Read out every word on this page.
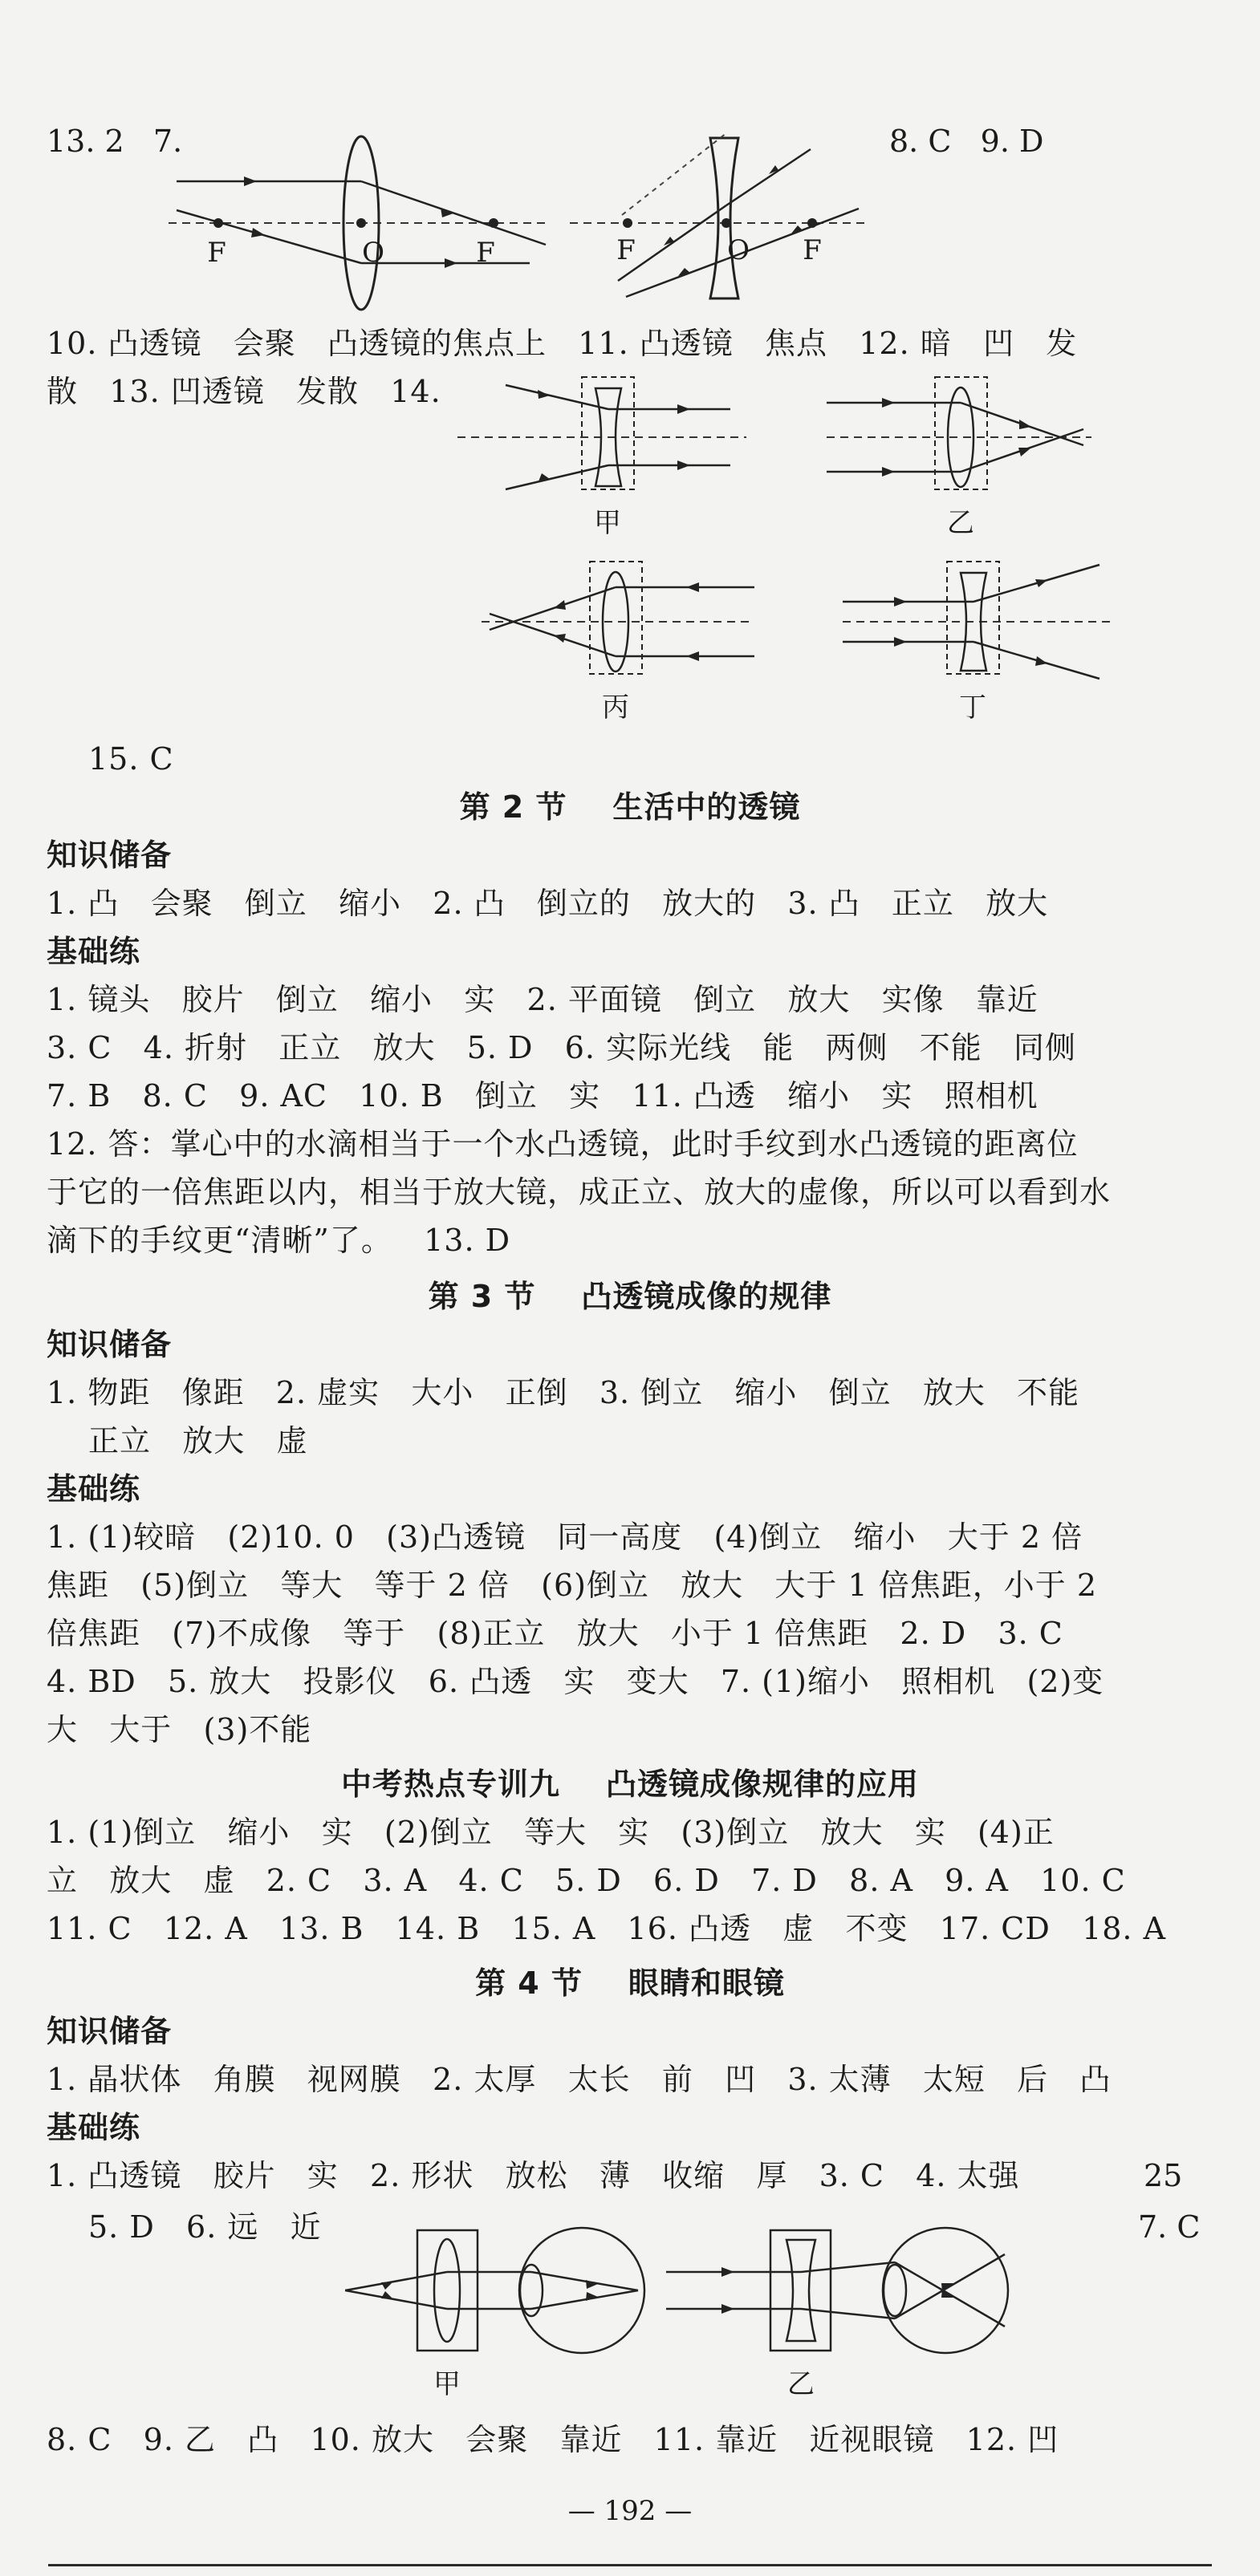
13. 2   7.	8. C   9. D
F	O	F	F	O	F
10. 凸透镜   会聚   凸透镜的焦点上   11. 凸透镜   焦点   12. 暗   凹   发
散   13. 凹透镜   发散   14.
甲	乙
丙	丁
15. C
第 2 节    生活中的透镜
知识储备
1. 凸   会聚   倒立   缩小   2. 凸   倒立的   放大的   3. 凸   正立   放大
基础练
1. 镜头   胶片   倒立   缩小   实   2. 平面镜   倒立   放大   实像   靠近
3. C   4. 折射   正立   放大   5. D   6. 实际光线   能   两侧   不能   同侧
7. B   8. C   9. AC   10. B   倒立   实   11. 凸透   缩小   实   照相机
12. 答：掌心中的水滴相当于一个水凸透镜，此时手纹到水凸透镜的距离位
于它的一倍焦距以内，相当于放大镜，成正立、放大的虚像，所以可以看到水
滴下的手纹更“清晰”了。   13. D
第 3 节    凸透镜成像的规律
知识储备
1. 物距   像距   2. 虚实   大小   正倒   3. 倒立   缩小   倒立   放大   不能
正立   放大   虚
基础练
1. (1)较暗   (2)10. 0   (3)凸透镜   同一高度   (4)倒立   缩小   大于 2 倍
焦距   (5)倒立   等大   等于 2 倍   (6)倒立   放大   大于 1 倍焦距，小于 2
倍焦距   (7)不成像   等于   (8)正立   放大   小于 1 倍焦距   2. D   3. C
4. BD   5. 放大   投影仪   6. 凸透   实   变大   7. (1)缩小   照相机   (2)变
大   大于   (3)不能
中考热点专训九    凸透镜成像规律的应用
1. (1)倒立   缩小   实   (2)倒立   等大   实   (3)倒立   放大   实   (4)正
立   放大   虚   2. C   3. A   4. C   5. D   6. D   7. D   8. A   9. A   10. C
11. C   12. A   13. B   14. B   15. A   16. 凸透   虚   不变   17. CD   18. A
第 4 节    眼睛和眼镜
知识储备
1. 晶状体   角膜   视网膜   2. 太厚   太长   前   凹   3. 太薄   太短   后   凸
基础练
1. 凸透镜   胶片   实   2. 形状   放松   薄   收缩   厚   3. C   4. 太强	25
5. D   6. 远   近	7. C
甲	乙
8. C   9. 乙   凸   10. 放大   会聚   靠近   11. 靠近   近视眼镜   12. 凹
— 192 —
